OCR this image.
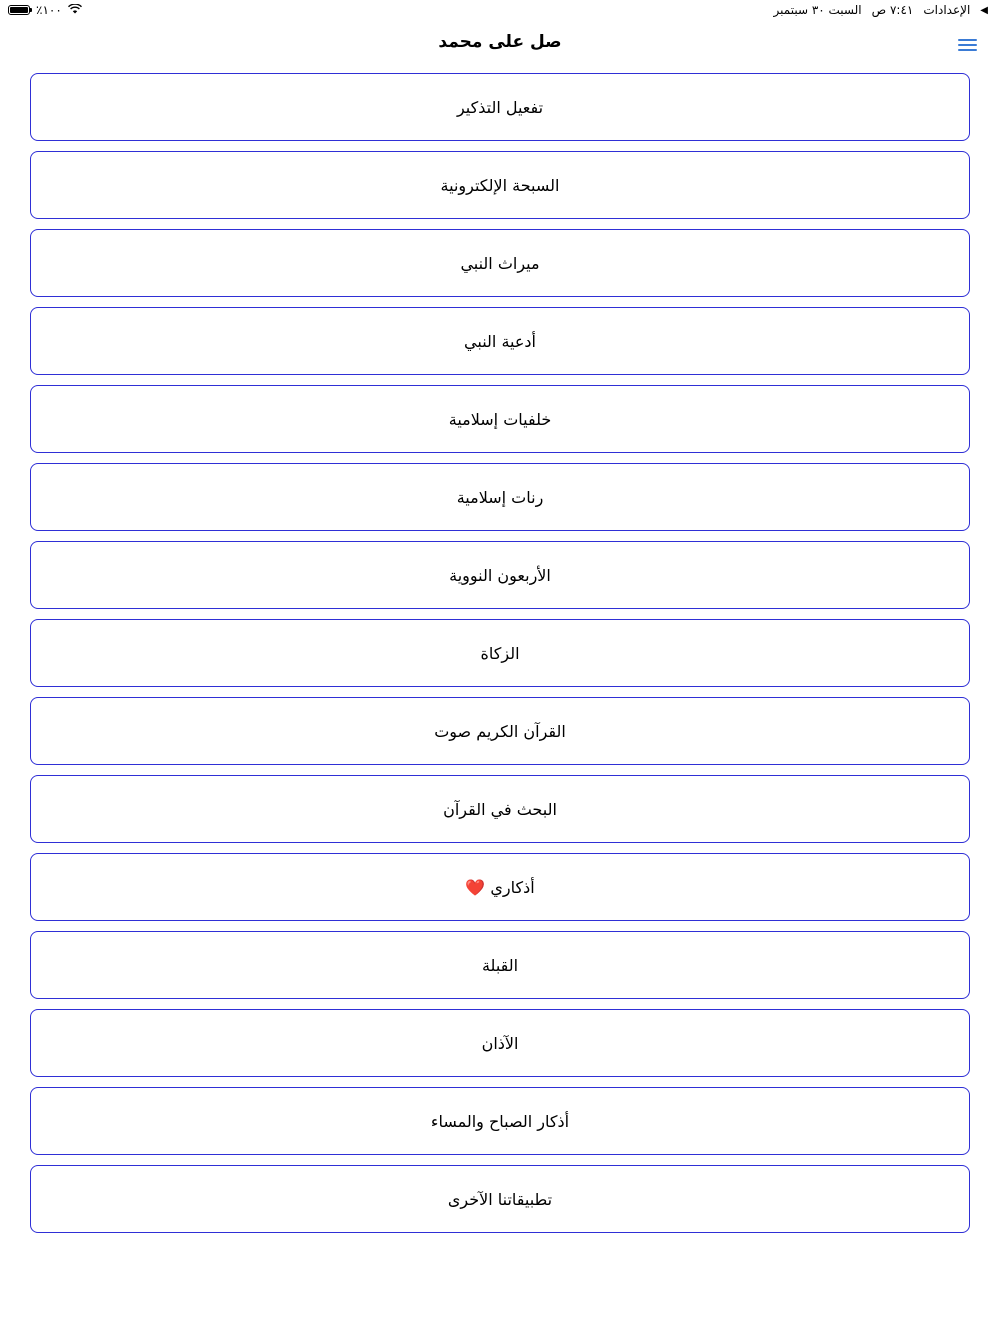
◀
الإعدادات
٧:٤١ ص
السبت ٣٠ سبتمبر
٪١٠٠
صل على محمد
تفعيل التذكير
السبحة الإلكترونية
ميراث النبي
أدعية النبي
خلفيات إسلامية
رنات إسلامية
الأربعون النووية
الزكاة
القرآن الكريم صوت
البحث في القرآن
أذكاري ❤️
القبلة
الآذان
أذكار الصباح والمساء
تطبيقاتنا الآخرى
